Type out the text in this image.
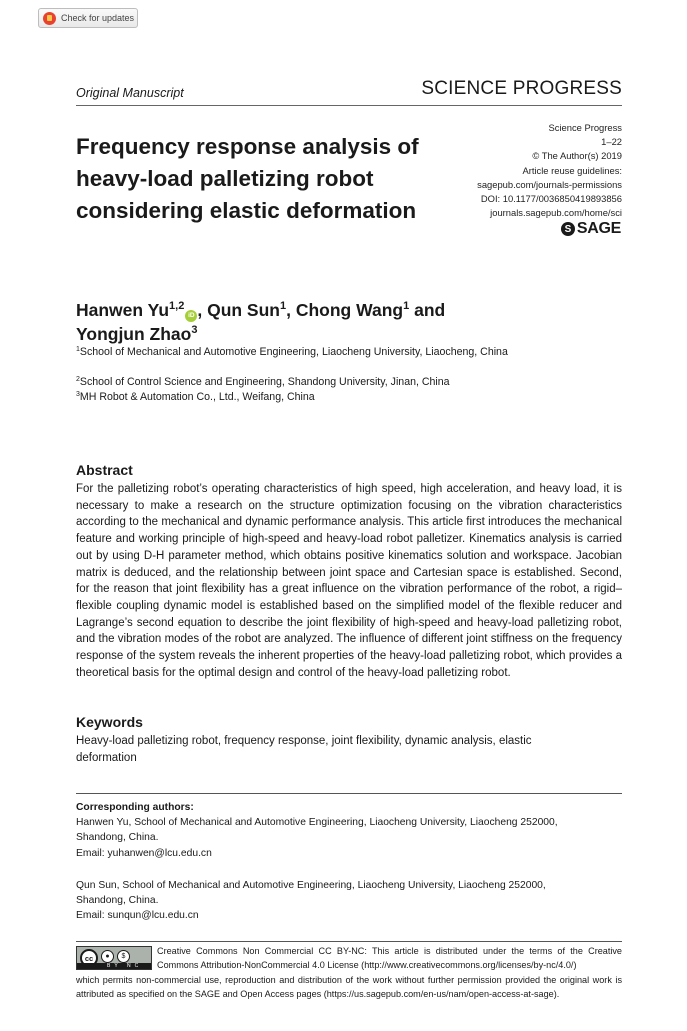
Check for updates
Original Manuscript	SCIENCE PROGRESS
Frequency response analysis of heavy-load palletizing robot considering elastic deformation
Science Progress
1–22
© The Author(s) 2019
Article reuse guidelines:
sagepub.com/journals-permissions
DOI: 10.1177/0036850419893856
journals.sagepub.com/home/sci
S SAGE
Hanwen Yu$^{1,2}$iD , Qun Sun$^1$, Chong Wang$^1$ and
Yongjun Zhao$^3$
$^1$School of Mechanical and Automotive Engineering, Liaocheng University, Liaocheng, China
$^2$School of Control Science and Engineering, Shandong University, Jinan, China
$^3$MH Robot & Automation Co., Ltd., Weifang, China
Abstract
For the palletizing robot’s operating characteristics of high speed, high acceleration, and heavy load, it is necessary to make a research on the structure optimization focusing on the vibration characteristics according to the mechanical and dynamic performance analysis. This article first introduces the mechanical feature and working principle of high-speed and heavy-load robot palletizer. Kinematics analysis is carried out by using D-H parameter method, which obtains positive kinematics solution and workspace. Jacobian matrix is deduced, and the relationship between joint space and Cartesian space is established. Second, for the reason that joint flexibility has a great influence on the vibration performance of the robot, a rigid–flexible coupling dynamic model is established based on the simplified model of the flexible reducer and Lagrange’s second equation to describe the joint flexibility of high-speed and heavy-load palletizing robot, and the vibration modes of the robot are analyzed. The influence of different joint stiffness on the frequency response of the system reveals the inherent properties of the heavy-load palletizing robot, which provides a theoretical basis for the optimal design and control of the heavy-load palletizing robot.
Keywords
Heavy-load palletizing robot, frequency response, joint flexibility, dynamic analysis, elastic deformation
Corresponding authors:
Hanwen Yu, School of Mechanical and Automotive Engineering, Liaocheng University, Liaocheng 252000, Shandong, China.
Email: yuhanwen@lcu.edu.cn
Qun Sun, School of Mechanical and Automotive Engineering, Liaocheng University, Liaocheng 252000, Shandong, China.
Email: sunqun@lcu.edu.cn
cc	●	$
BY NC
Creative Commons Non Commercial CC BY-NC: This article is distributed under the terms of the Creative Commons Attribution-NonCommercial 4.0 License (http://www.creativecommons.org/licenses/by-nc/4.0/)
which permits non-commercial use, reproduction and distribution of the work without further permission provided the original work is attributed as specified on the SAGE and Open Access pages (https://us.sagepub.com/en-us/nam/open-access-at-sage).
